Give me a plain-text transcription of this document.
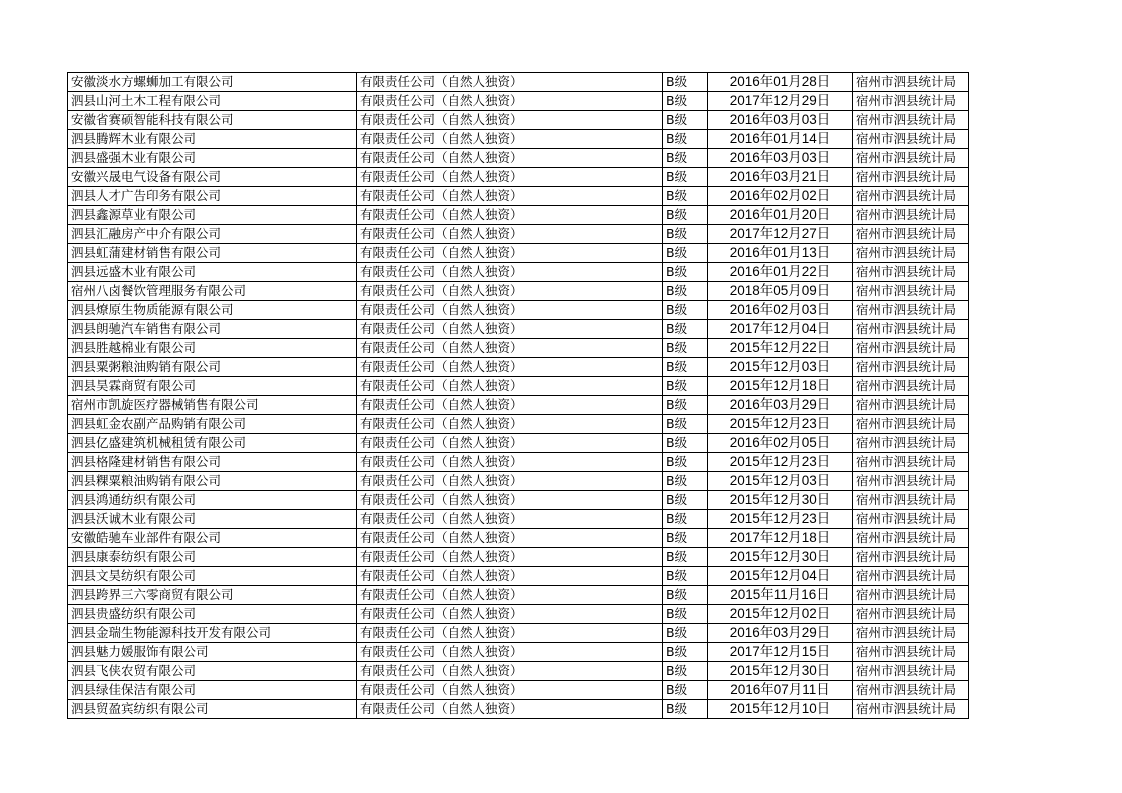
安徽淡水方螺蛳加工有限公司	有限责任公司（自然人独资）	B级	2016年01月28日	宿州市泗县统计局
泗县山河土木工程有限公司	有限责任公司（自然人独资）	B级	2017年12月29日	宿州市泗县统计局
安徽省赛硕智能科技有限公司	有限责任公司（自然人独资）	B级	2016年03月03日	宿州市泗县统计局
泗县腾辉木业有限公司	有限责任公司（自然人独资）	B级	2016年01月14日	宿州市泗县统计局
泗县盛强木业有限公司	有限责任公司（自然人独资）	B级	2016年03月03日	宿州市泗县统计局
安徽兴晟电气设备有限公司	有限责任公司（自然人独资）	B级	2016年03月21日	宿州市泗县统计局
泗县人才广告印务有限公司	有限责任公司（自然人独资）	B级	2016年02月02日	宿州市泗县统计局
泗县鑫源草业有限公司	有限责任公司（自然人独资）	B级	2016年01月20日	宿州市泗县统计局
泗县汇融房产中介有限公司	有限责任公司（自然人独资）	B级	2017年12月27日	宿州市泗县统计局
泗县虹蒲建材销售有限公司	有限责任公司（自然人独资）	B级	2016年01月13日	宿州市泗县统计局
泗县远盛木业有限公司	有限责任公司（自然人独资）	B级	2016年01月22日	宿州市泗县统计局
宿州八卤餐饮管理服务有限公司	有限责任公司（自然人独资）	B级	2018年05月09日	宿州市泗县统计局
泗县燎原生物质能源有限公司	有限责任公司（自然人独资）	B级	2016年02月03日	宿州市泗县统计局
泗县朗驰汽车销售有限公司	有限责任公司（自然人独资）	B级	2017年12月04日	宿州市泗县统计局
泗县胜越棉业有限公司	有限责任公司（自然人独资）	B级	2015年12月22日	宿州市泗县统计局
泗县粟粥粮油购销有限公司	有限责任公司（自然人独资）	B级	2015年12月03日	宿州市泗县统计局
泗县昊霖商贸有限公司	有限责任公司（自然人独资）	B级	2015年12月18日	宿州市泗县统计局
宿州市凯旋医疗器械销售有限公司	有限责任公司（自然人独资）	B级	2016年03月29日	宿州市泗县统计局
泗县虹金农副产品购销有限公司	有限责任公司（自然人独资）	B级	2015年12月23日	宿州市泗县统计局
泗县亿盛建筑机械租赁有限公司	有限责任公司（自然人独资）	B级	2016年02月05日	宿州市泗县统计局
泗县格隆建材销售有限公司	有限责任公司（自然人独资）	B级	2015年12月23日	宿州市泗县统计局
泗县粿粟粮油购销有限公司	有限责任公司（自然人独资）	B级	2015年12月03日	宿州市泗县统计局
泗县鸿通纺织有限公司	有限责任公司（自然人独资）	B级	2015年12月30日	宿州市泗县统计局
泗县沃诚木业有限公司	有限责任公司（自然人独资）	B级	2015年12月23日	宿州市泗县统计局
安徽皓驰车业部件有限公司	有限责任公司（自然人独资）	B级	2017年12月18日	宿州市泗县统计局
泗县康泰纺织有限公司	有限责任公司（自然人独资）	B级	2015年12月30日	宿州市泗县统计局
泗县文昊纺织有限公司	有限责任公司（自然人独资）	B级	2015年12月04日	宿州市泗县统计局
泗县跨界三六零商贸有限公司	有限责任公司（自然人独资）	B级	2015年11月16日	宿州市泗县统计局
泗县贵盛纺织有限公司	有限责任公司（自然人独资）	B级	2015年12月02日	宿州市泗县统计局
泗县金瑞生物能源科技开发有限公司	有限责任公司（自然人独资）	B级	2016年03月29日	宿州市泗县统计局
泗县魅力媛服饰有限公司	有限责任公司（自然人独资）	B级	2017年12月15日	宿州市泗县统计局
泗县飞侠农贸有限公司	有限责任公司（自然人独资）	B级	2015年12月30日	宿州市泗县统计局
泗县绿佳保洁有限公司	有限责任公司（自然人独资）	B级	2016年07月11日	宿州市泗县统计局
泗县贸盈宾纺织有限公司	有限责任公司（自然人独资）	B级	2015年12月10日	宿州市泗县统计局
